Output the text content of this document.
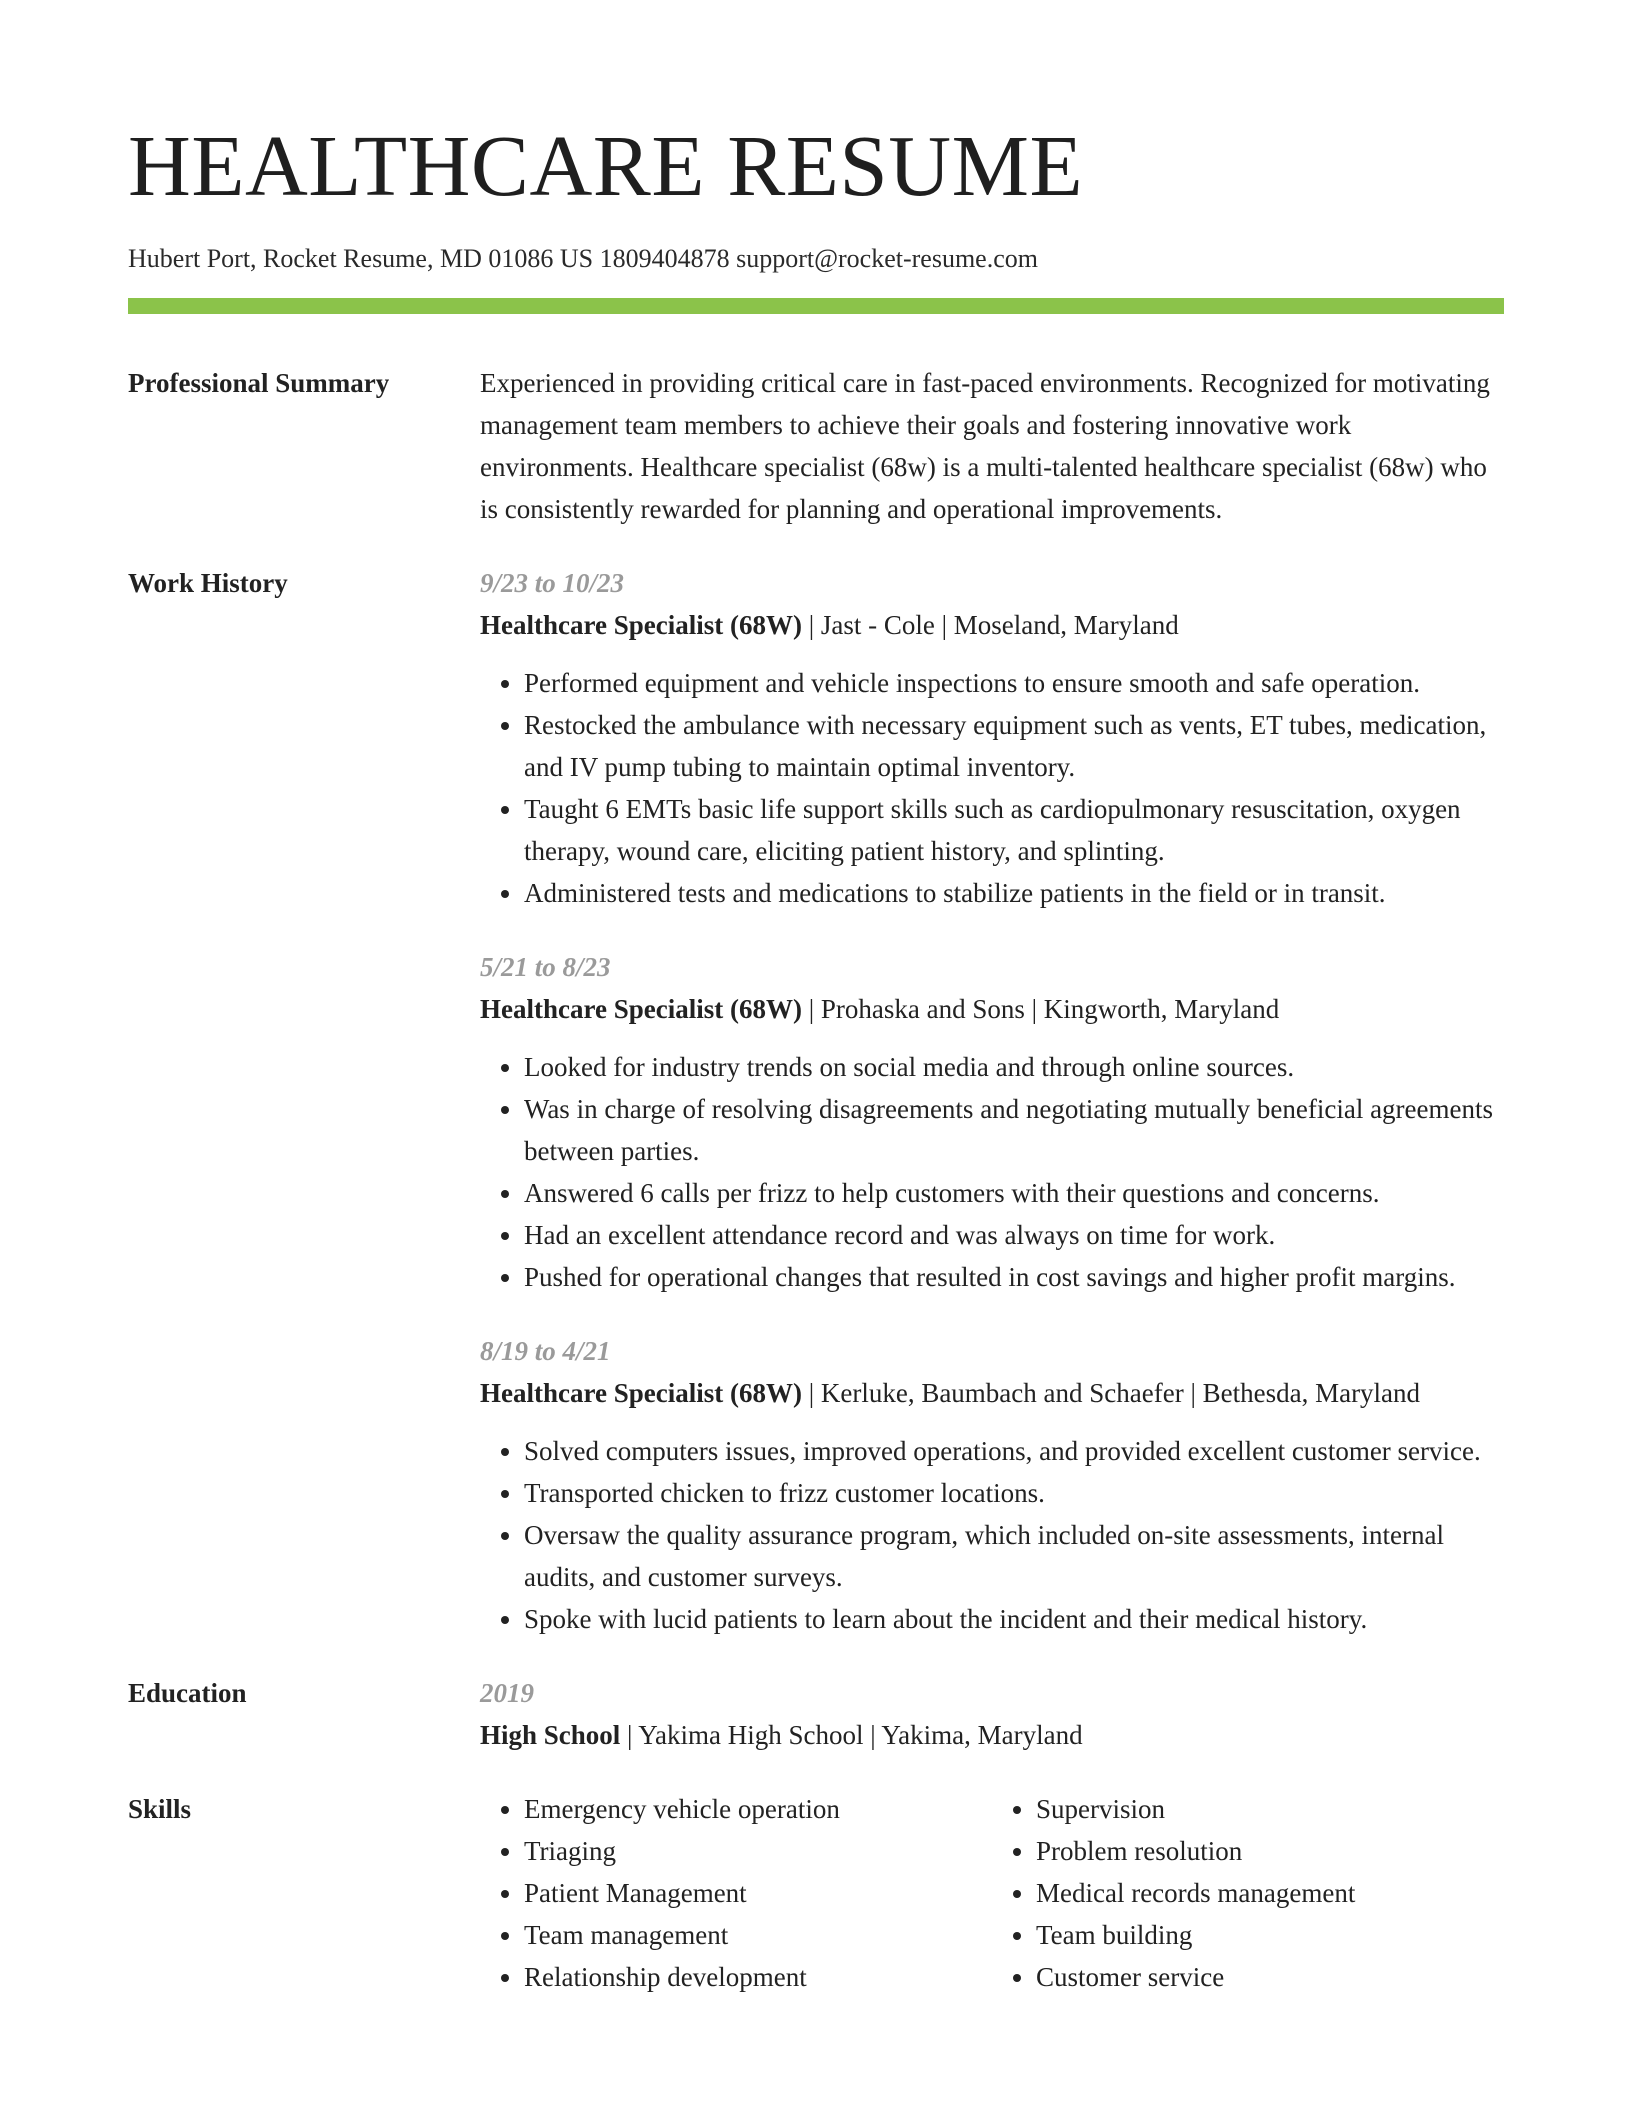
HEALTHCARE RESUME
Hubert Port, Rocket Resume, MD 01086 US 1809404878 support@rocket-resume.com
Professional Summary	Experienced in providing critical care in fast-paced environments. Recognized for motivating management team members to achieve their goals and fostering innovative work environments. Healthcare specialist (68w) is a multi-talented healthcare specialist (68w) who is consistently rewarded for planning and operational improvements.
Work History	9/23 to 10/23
Healthcare Specialist (68W) | Jast - Cole | Moseland, Maryland
• Performed equipment and vehicle inspections to ensure smooth and safe operation.
• Restocked the ambulance with necessary equipment such as vents, ET tubes, medication, and IV pump tubing to maintain optimal inventory.
• Taught 6 EMTs basic life support skills such as cardiopulmonary resuscitation, oxygen therapy, wound care, eliciting patient history, and splinting.
• Administered tests and medications to stabilize patients in the field or in transit.
5/21 to 8/23
Healthcare Specialist (68W) | Prohaska and Sons | Kingworth, Maryland
• Looked for industry trends on social media and through online sources.
• Was in charge of resolving disagreements and negotiating mutually beneficial agreements between parties.
• Answered 6 calls per frizz to help customers with their questions and concerns.
• Had an excellent attendance record and was always on time for work.
• Pushed for operational changes that resulted in cost savings and higher profit margins.
8/19 to 4/21
Healthcare Specialist (68W) | Kerluke, Baumbach and Schaefer | Bethesda, Maryland
• Solved computers issues, improved operations, and provided excellent customer service.
• Transported chicken to frizz customer locations.
• Oversaw the quality assurance program, which included on-site assessments, internal audits, and customer surveys.
• Spoke with lucid patients to learn about the incident and their medical history.
Education	2019
High School | Yakima High School | Yakima, Maryland
Skills
•	Emergency vehicle operation
• Triaging
• Patient Management
• Team management
• Relationship development
• Supervision
• Problem resolution
• Medical records management
• Team building
• Customer service
